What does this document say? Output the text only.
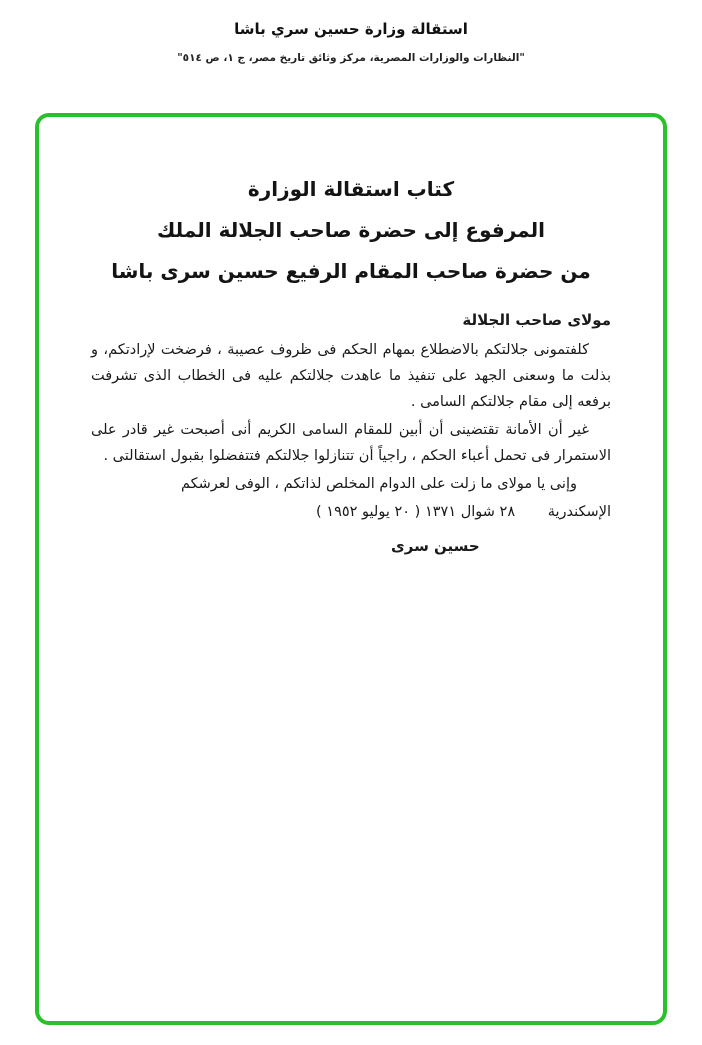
استقالة وزارة حسين سري باشا
"النظارات والوزارات المصرية، مركز وثائق تاريخ مصر، ج ١، ص ٥١٤"
كتاب استقالة الوزارة
المرفوع إلى حضرة صاحب الجلالة الملك
من حضرة صاحب المقام الرفيع حسين سرى باشا
مولاى صاحب الجلالة

كلفتمونى جلالتكم بالاضطلاع بمهام الحكم فى ظروف عصيبة ، فرضخت لإرادتكم، و بذلت ما وسعنى الجهد على تنفيذ ما عاهدت جلالتكم عليه فى الخطاب الذى تشرفت برفعه إلى مقام جلالتكم السامى .

غير أن الأمانة تقتضينى أن أبين للمقام السامى الكريم أنى أصبحت غير قادر على الاستمرار فى تحمل أعباء الحكم ، راجياً أن تتنازلوا جلالتكم فتتفضلوا بقبول استقالتى .

وإنى يا مولاى ما زلت على الدوام المخلص لذاتكم ، الوفى لعرشكم
الإسكندرية ٢٨ شوال ١٣٧١ ( ٢٠ يوليو ١٩٥٢ )
حسين سرى
